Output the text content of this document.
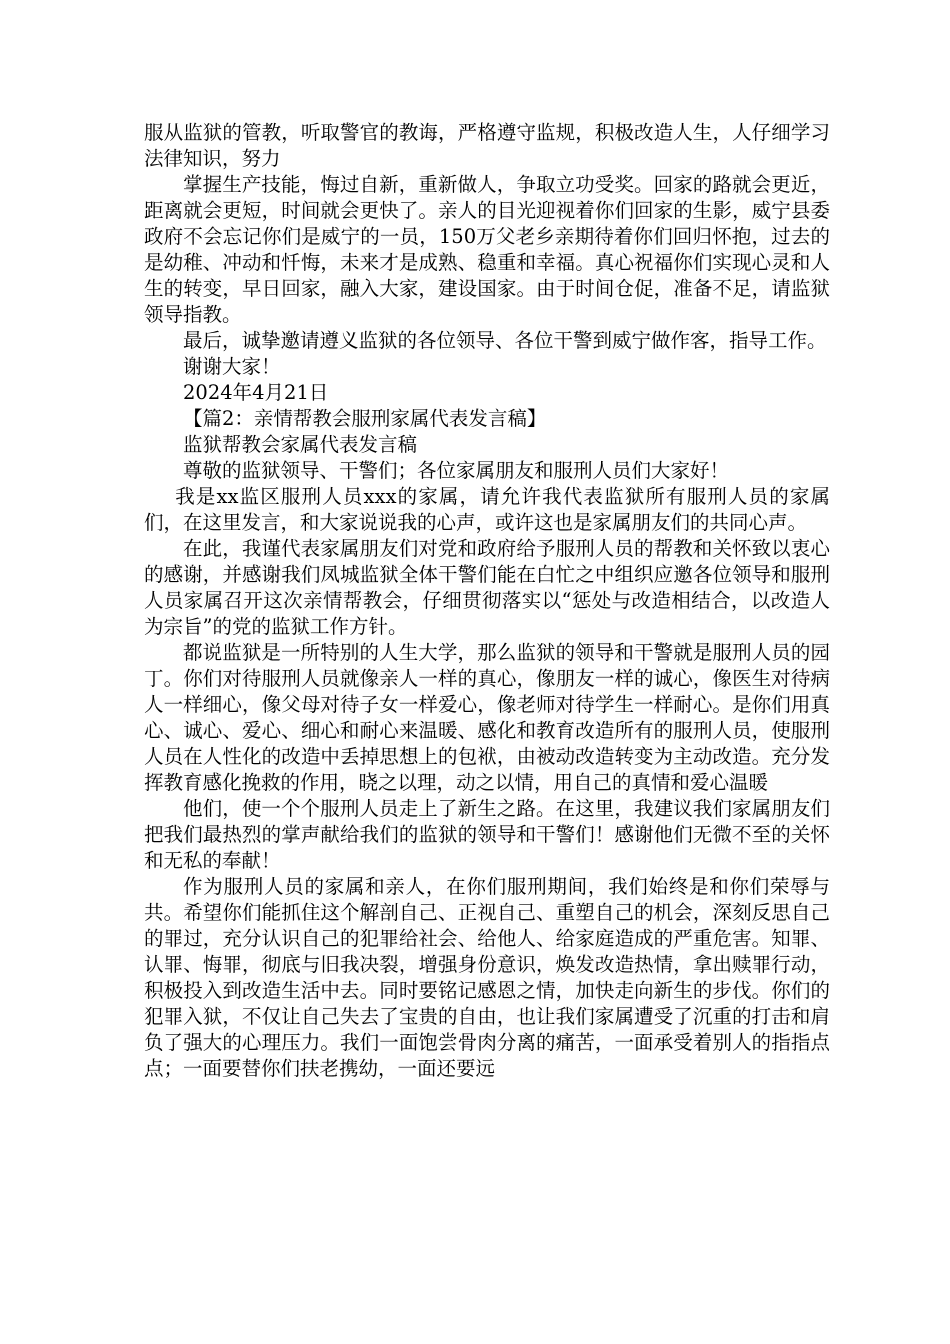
服从监狱的管教，听取警官的教诲，严格遵守监规，积极改造人生，人仔细学习法律知识，努力

掌握生产技能，悔过自新，重新做人，争取立功受奖。回家的路就会更近，距离就会更短，时间就会更快了。亲人的目光迎视着你们回家的生影，威宁县委政府不会忘记你们是威宁的一员，150万父老乡亲期待着你们回归怀抱，过去的是幼稚、冲动和忏悔，未来才是成熟、稳重和幸福。真心祝福你们实现心灵和人生的转变，早日回家，融入大家，建设国家。由于时间仓促，准备不足，请监狱领导指教。

最后，诚挚邀请遵义监狱的各位领导、各位干警到威宁做作客，指导工作。

谢谢大家！

2024年4月21日

【篇2：亲情帮教会服刑家属代表发言稿】

监狱帮教会家属代表发言稿

尊敬的监狱领导、干警们；各位家属朋友和服刑人员们大家好！

我是xx监区服刑人员xxx的家属，请允许我代表监狱所有服刑人员的家属们，在这里发言，和大家说说我的心声，或许这也是家属朋友们的共同心声。

在此，我谨代表家属朋友们对党和政府给予服刑人员的帮教和关怀致以衷心的感谢，并感谢我们凤城监狱全体干警们能在白忙之中组织应邀各位领导和服刑人员家属召开这次亲情帮教会，仔细贯彻落实以“惩处与改造相结合，以改造人为宗旨”的党的监狱工作方针。

都说监狱是一所特别的人生大学，那么监狱的领导和干警就是服刑人员的园丁。你们对待服刑人员就像亲人一样的真心，像朋友一样的诚心，像医生对待病人一样细心，像父母对待子女一样爱心，像老师对待学生一样耐心。是你们用真心、诚心、爱心、细心和耐心来温暖、感化和教育改造所有的服刑人员，使服刑人员在人性化的改造中丢掉思想上的包袱，由被动改造转变为主动改造。充分发挥教育感化挽救的作用，晓之以理，动之以情，用自己的真情和爱心温暖

他们，使一个个服刑人员走上了新生之路。在这里，我建议我们家属朋友们把我们最热烈的掌声献给我们的监狱的领导和干警们！感谢他们无微不至的关怀和无私的奉献！

作为服刑人员的家属和亲人，在你们服刑期间，我们始终是和你们荣辱与共。希望你们能抓住这个解剖自己、正视自己、重塑自己的机会，深刻反思自己的罪过，充分认识自己的犯罪给社会、给他人、给家庭造成的严重危害。知罪、认罪、悔罪，彻底与旧我决裂，增强身份意识，焕发改造热情，拿出赎罪行动，积极投入到改造生活中去。同时要铭记感恩之情，加快走向新生的步伐。你们的犯罪入狱，不仅让自己失去了宝贵的自由，也让我们家属遭受了沉重的打击和肩负了强大的心理压力。我们一面饱尝骨肉分离的痛苦，一面承受着别人的指指点点；一面要替你们扶老携幼，一面还要远
